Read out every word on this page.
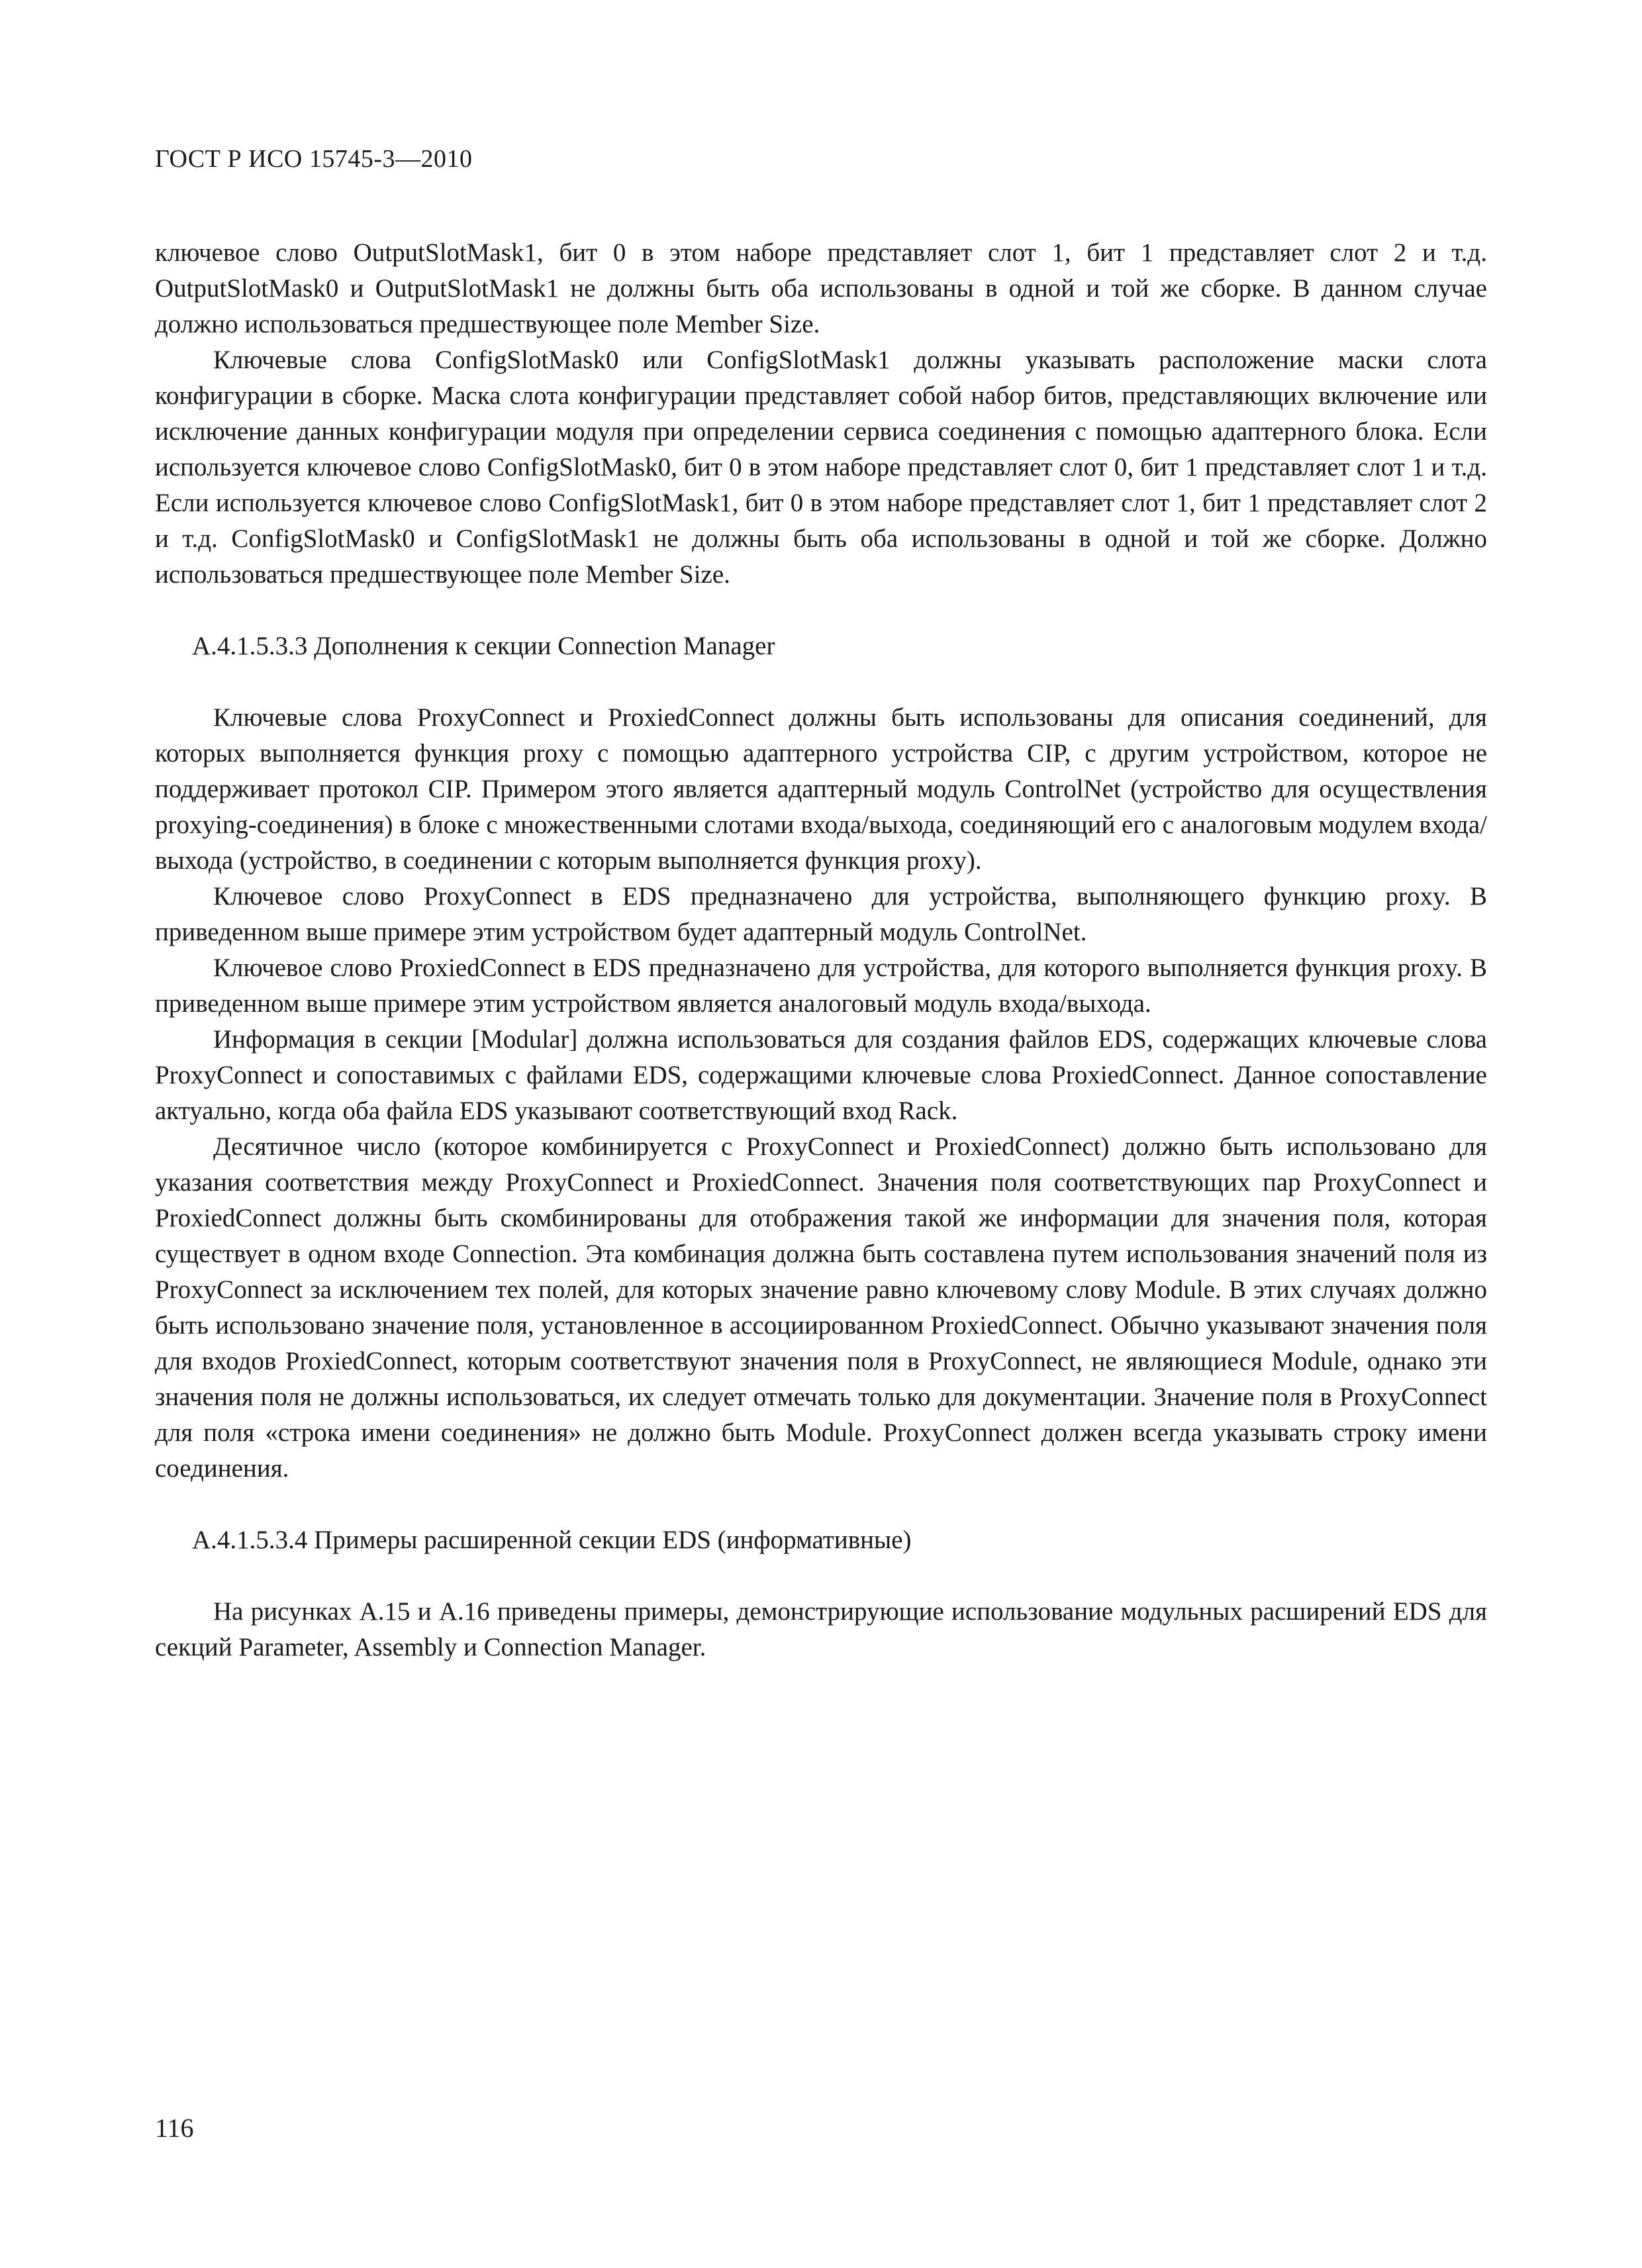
ГОСТ Р ИСО 15745-3—2010

ключевое слово OutputSlotMask1, бит 0 в этом наборе представляет слот 1, бит 1 представляет слот 2 и т.д. OutputSlotMask0 и OutputSlotMask1 не должны быть оба использованы в одной и той же сборке. В данном случае должно использоваться предшествующее поле Member Size.

Ключевые слова ConfigSlotMask0 или ConfigSlotMask1 должны указывать расположение маски слота конфигурации в сборке. Маска слота конфигурации представляет собой набор битов, представляющих включение или исключение данных конфигурации модуля при определении сервиса соединения с помощью адаптерного блока. Если используется ключевое слово ConfigSlotMask0, бит 0 в этом наборе представляет слот 0, бит 1 представляет слот 1 и т.д. Если используется ключевое слово ConfigSlotMask1, бит 0 в этом наборе представляет слот 1, бит 1 представляет слот 2 и т.д. ConfigSlotMask0 и ConfigSlotMask1 не должны быть оба использованы в одной и той же сборке. Должно использоваться предшествующее поле Member Size.

A.4.1.5.3.3 Дополнения к секции Connection Manager

Ключевые слова ProxyConnect и ProxiedConnect должны быть использованы для описания соединений, для которых выполняется функция proxy с помощью адаптерного устройства CIP, с другим устройством, которое не поддерживает протокол CIP. Примером этого является адаптерный модуль ControlNet (устройство для осуществления proxying-соединения) в блоке с множественными слотами входа/выхода, соединяющий его с аналоговым модулем входа/выхода (устройство, в соединении с которым выполняется функция proxy).

Ключевое слово ProxyConnect в EDS предназначено для устройства, выполняющего функцию proxy. В приведенном выше примере этим устройством будет адаптерный модуль ControlNet.

Ключевое слово ProxiedConnect в EDS предназначено для устройства, для которого выполняется функция proxy. В приведенном выше примере этим устройством является аналоговый модуль входа/выхода.

Информация в секции [Modular] должна использоваться для создания файлов EDS, содержащих ключевые слова ProxyConnect и сопоставимых с файлами EDS, содержащими ключевые слова ProxiedConnect. Данное сопоставление актуально, когда оба файла EDS указывают соответствующий вход Rack.

Десятичное число (которое комбинируется с ProxyConnect и ProxiedConnect) должно быть использовано для указания соответствия между ProxyConnect и ProxiedConnect. Значения поля соответствующих пар ProxyConnect и ProxiedConnect должны быть скомбинированы для отображения такой же информации для значения поля, которая существует в одном входе Connection. Эта комбинация должна быть составлена путем использования значений поля из ProxyConnect за исключением тех полей, для которых значение равно ключевому слову Module. В этих случаях должно быть использовано значение поля, установленное в ассоциированном ProxiedConnect. Обычно указывают значения поля для входов ProxiedConnect, которым соответствуют значения поля в ProxyConnect, не являющиеся Module, однако эти значения поля не должны использоваться, их следует отмечать только для документации. Значение поля в ProxyConnect для поля «строка имени соединения» не должно быть Module. ProxyConnect должен всегда указывать строку имени соединения.

A.4.1.5.3.4 Примеры расширенной секции EDS (информативные)

На рисунках A.15 и A.16 приведены примеры, демонстрирующие использование модульных расширений EDS для секций Parameter, Assembly и Connection Manager.

116
